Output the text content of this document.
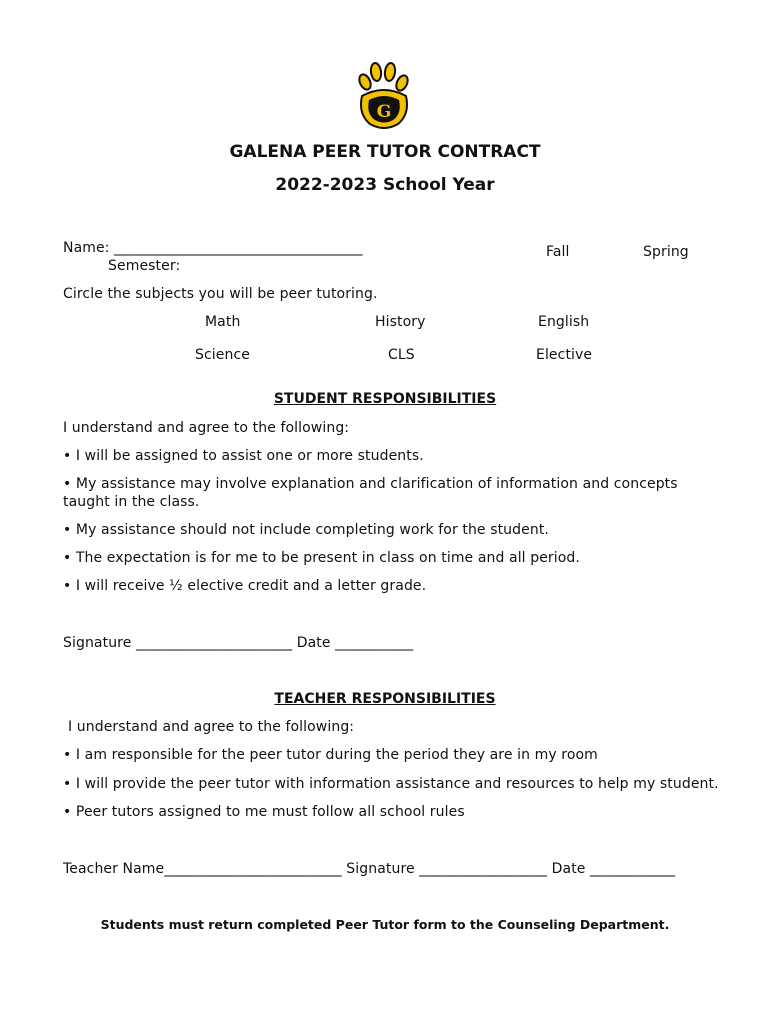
G
GALENA PEER TUTOR CONTRACT
2022-2023 School Year
Name: ___________________________________
Semester:
Fall	Spring
Circle the subjects you will be peer tutoring.
Math	History	English
Science	CLS	Elective
STUDENT RESPONSIBILITIES
I understand and agree to the following:
• I will be assigned to assist one or more students.
• My assistance may involve explanation and clarification of information and concepts
taught in the class.
• My assistance should not include completing work for the student.
• The expectation is for me to be present in class on time and all period.
• I will receive ½ elective credit and a letter grade.
Signature ______________________ Date ___________
TEACHER RESPONSIBILITIES
I understand and agree to the following:
• I am responsible for the peer tutor during the period they are in my room
• I will provide the peer tutor with information assistance and resources to help my student.
• Peer tutors assigned to me must follow all school rules
Teacher Name_________________________ Signature __________________ Date ____________
Students must return completed Peer Tutor form to the Counseling Department.
